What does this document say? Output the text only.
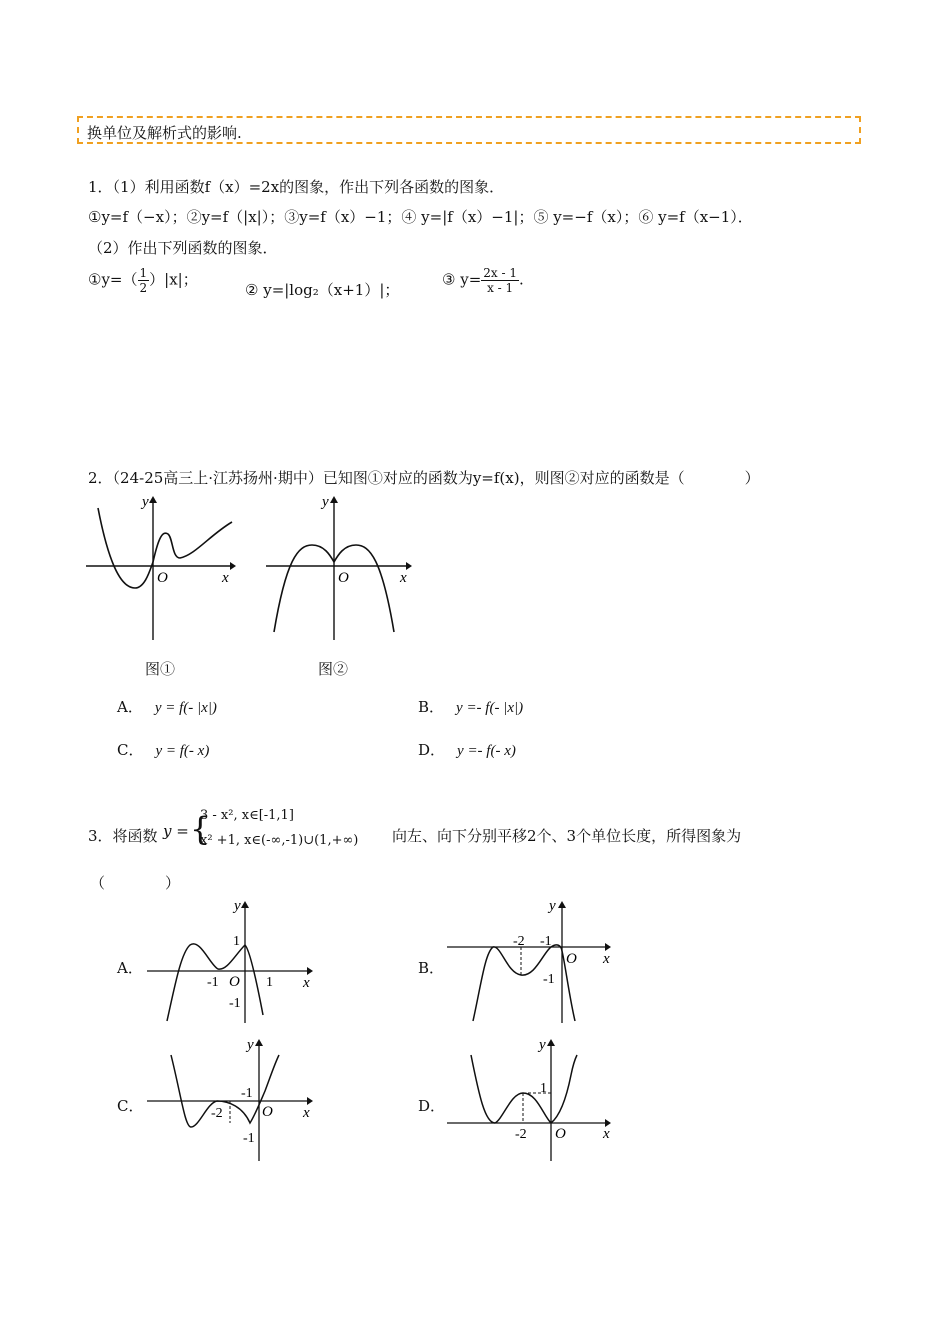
换单位及解析式的影响.
1．（1）利用函数f（x）=2x的图象，作出下列各函数的图象．
①y=f（−x）；②y=f（|x|）；③y=f（x）−1；④ y=|f（x）−1|；⑤ y=−f（x）；⑥ y=f（x−1）．
（2）作出下列函数的图象．
①y=（ $\frac{1}{2} )|x|$；
② y=|log₂（x+1）|；
③ $y= \frac{2x - 1}{x - 1}$ .
2．（24-25高三上·江苏扬州·期中）已知图①对应的函数为y=f(x)，则图②对应的函数是（　　　　）
y
x
O
y
x
O
图①	图②
A． y = f(- |x|)	B． y =- f(- |x|)
C． y = f(- x)	D． y =- f(- x)
3．将函数 y = {
3 - x², x∈[-1,1]
x² +1, x∈(-∞,-1)∪(1,+∞) 向左、向下分别平移2个、3个单位长度，所得图象为
（　　　　）
A．
y
x
O
1
-1	1
-1
B．
y
x
O
-2 -1
-1
C．
y
x
O
-1
-2
-1
D．
y
x
O
1
-2
